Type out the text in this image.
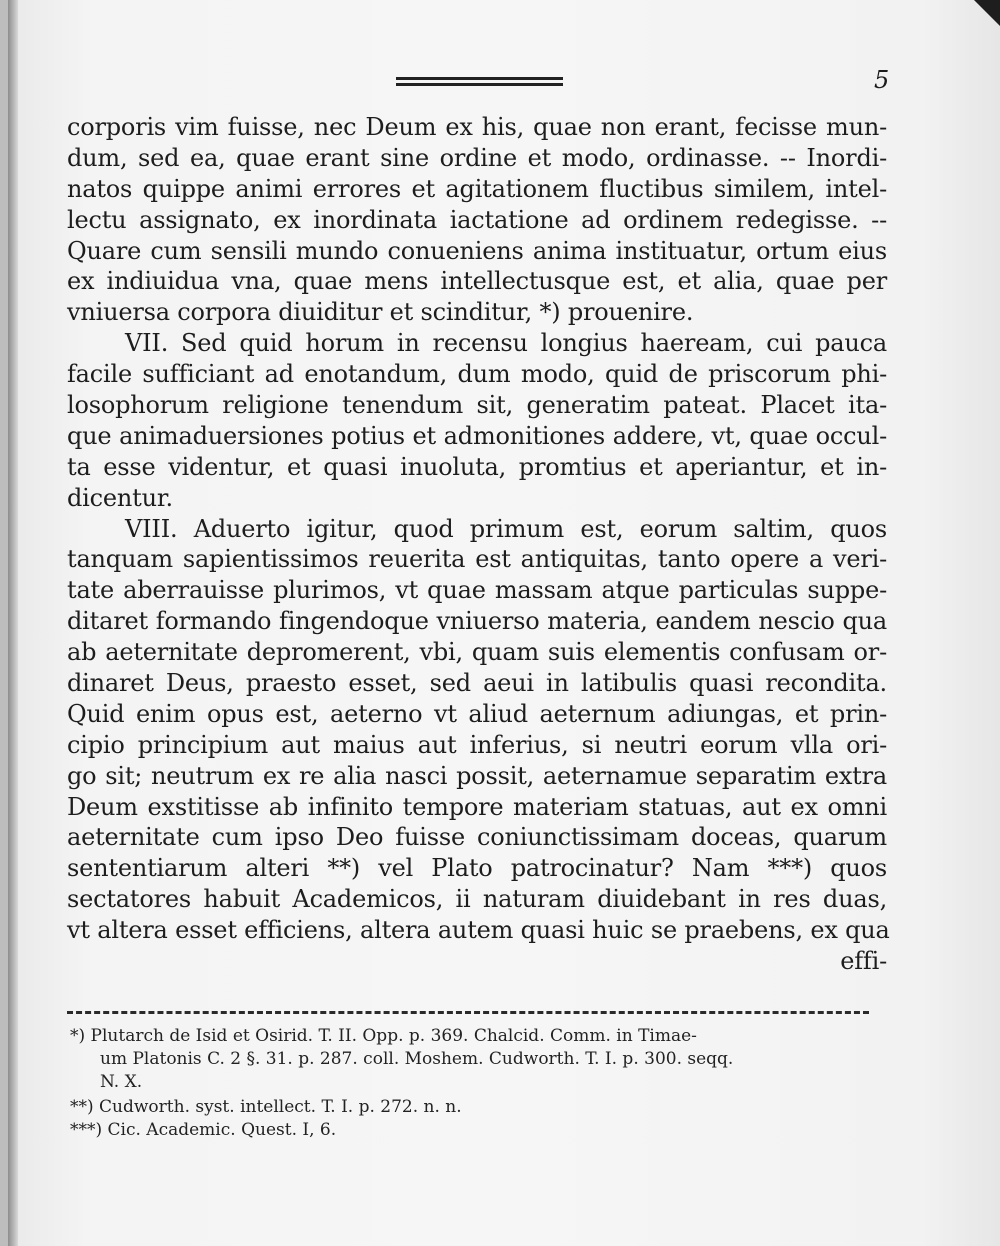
5
corporis vim fuisse, nec Deum ex his, quae non erant, fecisse mun-
dum, sed ea, quae erant sine ordine et modo, ordinasse. -- Inordi-
natos quippe animi errores et agitationem fluctibus similem, intel-
lectu assignato, ex inordinata iactatione ad ordinem redegisse. --
Quare cum sensili mundo conueniens anima instituatur, ortum eius
ex indiuidua vna, quae mens intellectusque est, et alia, quae per
vniuersa corpora diuiditur et scinditur, *) prouenire.
VII. Sed quid horum in recensu longius haeream, cui pauca
facile sufficiant ad enotandum, dum modo, quid de priscorum phi-
losophorum religione tenendum sit, generatim pateat. Placet ita-
que animaduersiones potius et admonitiones addere, vt, quae occul-
ta esse videntur, et quasi inuoluta, promtius et aperiantur, et in-
dicentur.
VIII. Aduerto igitur, quod primum est, eorum saltim, quos
tanquam sapientissimos reuerita est antiquitas, tanto opere a veri-
tate aberrauisse plurimos, vt quae massam atque particulas suppe-
ditaret formando fingendoque vniuerso materia, eandem nescio qua
ab aeternitate depromerent, vbi, quam suis elementis confusam or-
dinaret Deus, praesto esset, sed aeui in latibulis quasi recondita.
Quid enim opus est, aeterno vt aliud aeternum adiungas, et prin-
cipio principium aut maius aut inferius, si neutri eorum vlla ori-
go sit; neutrum ex re alia nasci possit, aeternamue separatim extra
Deum exstitisse ab infinito tempore materiam statuas, aut ex omni
aeternitate cum ipso Deo fuisse coniunctissimam doceas, quarum
sententiarum alteri **) vel Plato patrocinatur? Nam ***) quos
sectatores habuit Academicos, ii naturam diuidebant in res duas,
vt altera esset efficiens, altera autem quasi huic se praebens, ex qua
effi-
*) Plutarch de Isid et Osirid. T. II. Opp. p. 369. Chalcid. Comm. in Timae-
um Platonis C. 2 §. 31. p. 287. coll. Moshem. Cudworth. T. I. p. 300. seqq.
N. X.
**) Cudworth. syst. intellect. T. I. p. 272. n. n.
***) Cic. Academic. Quest. I, 6.
